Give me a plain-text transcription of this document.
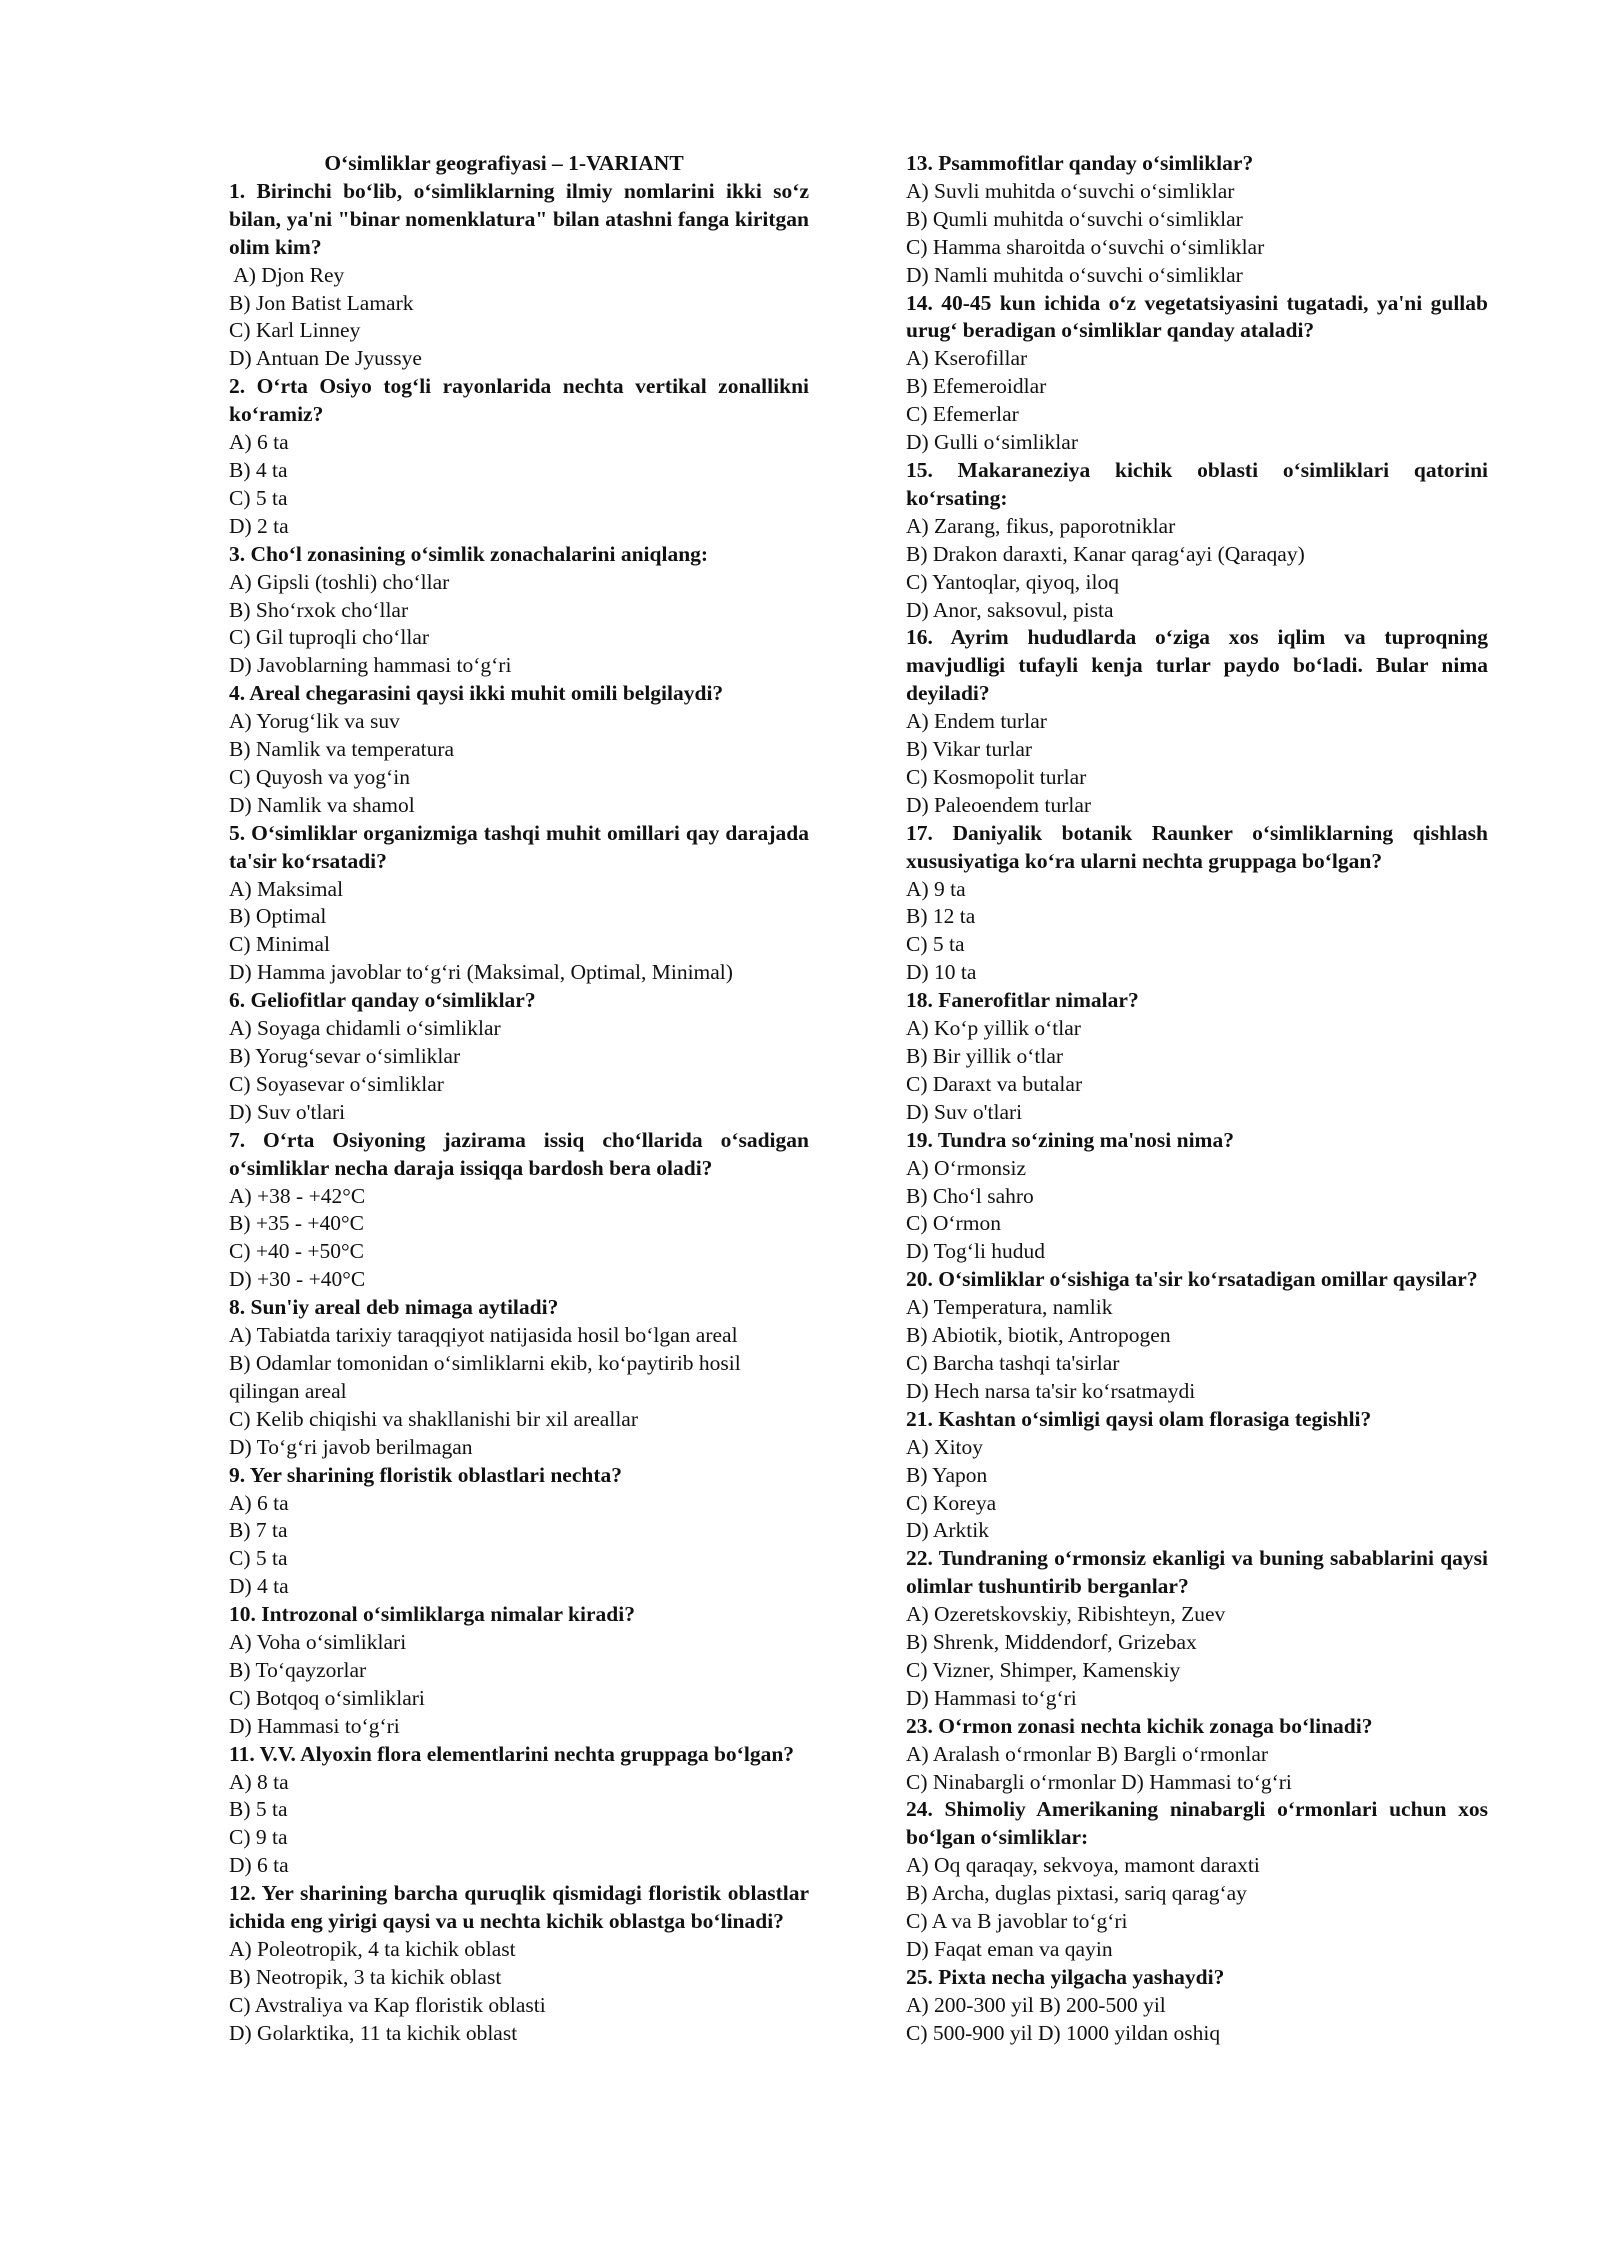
O‘simliklar geografiyasi – 1-VARIANT

1. Birinchi bo‘lib, o‘simliklarning ilmiy nomlarini ikki so‘z bilan, ya'ni "binar nomenklatura" bilan atashni fanga kiritgan olim kim?

A) Djon Rey

B) Jon Batist Lamark

C) Karl Linney

D) Antuan De Jyussye

2. O‘rta Osiyo tog‘li rayonlarida nechta vertikal zonallikni ko‘ramiz?

A) 6 ta

B) 4 ta

C) 5 ta

D) 2 ta

3. Cho‘l zonasining o‘simlik zonachalarini aniqlang:

A) Gipsli (toshli) cho‘llar

B) Sho‘rxok cho‘llar

C) Gil tuproqli cho‘llar

D) Javoblarning hammasi to‘g‘ri

4. Areal chegarasini qaysi ikki muhit omili belgilaydi?

A) Yorug‘lik va suv

B) Namlik va temperatura

C) Quyosh va yog‘in

D) Namlik va shamol

5. O‘simliklar organizmiga tashqi muhit omillari qay darajada ta'sir ko‘rsatadi?

A) Maksimal

B) Optimal

C) Minimal

D) Hamma javoblar to‘g‘ri (Maksimal, Optimal, Minimal)

6. Geliofitlar qanday o‘simliklar?

A) Soyaga chidamli o‘simliklar

B) Yorug‘sevar o‘simliklar

C) Soyasevar o‘simliklar

D) Suv o'tlari

7. O‘rta Osiyoning jazirama issiq cho‘llarida o‘sadigan o‘simliklar necha daraja issiqqa bardosh bera oladi?

A) +38 - +42°C

B) +35 - +40°C

C) +40 - +50°C

D) +30 - +40°C

8. Sun'iy areal deb nimaga aytiladi?

A) Tabiatda tarixiy taraqqiyot natijasida hosil bo‘lgan areal

B) Odamlar tomonidan o‘simliklarni ekib, ko‘paytirib hosil qilingan areal

C) Kelib chiqishi va shakllanishi bir xil areallar

D) To‘g‘ri javob berilmagan

9. Yer sharining floristik oblastlari nechta?

A) 6 ta

B) 7 ta

C) 5 ta

D) 4 ta

10. Introzonal o‘simliklarga nimalar kiradi?

A) Voha o‘simliklari

B) To‘qayzorlar

C) Botqoq o‘simliklari

D) Hammasi to‘g‘ri

11. V.V. Alyoxin flora elementlarini nechta gruppaga bo‘lgan?

A) 8 ta

B) 5 ta

C) 9 ta

D) 6 ta

12. Yer sharining barcha quruqlik qismidagi floristik oblastlar ichida eng yirigi qaysi va u nechta kichik oblastga bo‘linadi?

A) Poleotropik, 4 ta kichik oblast

B) Neotropik, 3 ta kichik oblast

C) Avstraliya va Kap floristik oblasti

D) Golarktika, 11 ta kichik oblast

13. Psammofitlar qanday o‘simliklar?

A) Suvli muhitda o‘suvchi o‘simliklar

B) Qumli muhitda o‘suvchi o‘simliklar

C) Hamma sharoitda o‘suvchi o‘simliklar

D) Namli muhitda o‘suvchi o‘simliklar

14. 40-45 kun ichida o‘z vegetatsiyasini tugatadi, ya'ni gullab urug‘ beradigan o‘simliklar qanday ataladi?

A) Kserofillar

B) Efemeroidlar

C) Efemerlar

D) Gulli o‘simliklar

15. Makaraneziya kichik oblasti o‘simliklari qatorini ko‘rsating:

A) Zarang, fikus, paporotniklar

B) Drakon daraxti, Kanar qarag‘ayi (Qaraqay)

C) Yantoqlar, qiyoq, iloq

D) Anor, saksovul, pista

16. Ayrim hududlarda o‘ziga xos iqlim va tuproqning mavjudligi tufayli kenja turlar paydo bo‘ladi. Bular nima deyiladi?

A) Endem turlar

B) Vikar turlar

C) Kosmopolit turlar

D) Paleoendem turlar

17. Daniyalik botanik Raunker o‘simliklarning qishlash xususiyatiga ko‘ra ularni nechta gruppaga bo‘lgan?

A) 9 ta

B) 12 ta

C) 5 ta

D) 10 ta

18. Fanerofitlar nimalar?

A) Ko‘p yillik o‘tlar

B) Bir yillik o‘tlar

C) Daraxt va butalar

D) Suv o'tlari

19. Tundra so‘zining ma'nosi nima?

A) O‘rmonsiz

B) Cho‘l sahro

C) O‘rmon

D) Tog‘li hudud

20. O‘simliklar o‘sishiga ta'sir ko‘rsatadigan omillar qaysilar?

A) Temperatura, namlik

B) Abiotik, biotik, Antropogen

C) Barcha tashqi ta'sirlar

D) Hech narsa ta'sir ko‘rsatmaydi

21. Kashtan o‘simligi qaysi olam florasiga tegishli?

A) Xitoy

B) Yapon

C) Koreya

D) Arktik

22. Tundraning o‘rmonsiz ekanligi va buning sabablarini qaysi olimlar tushuntirib berganlar?

A) Ozeretskovskiy, Ribishteyn, Zuev

B) Shrenk, Middendorf, Grizebax

C) Vizner, Shimper, Kamenskiy

D) Hammasi to‘g‘ri

23. O‘rmon zonasi nechta kichik zonaga bo‘linadi?

A) Aralash o‘rmonlar B) Bargli o‘rmonlar

C) Ninabargli o‘rmonlar D) Hammasi to‘g‘ri

24. Shimoliy Amerikaning ninabargli o‘rmonlari uchun xos bo‘lgan o‘simliklar:

A) Oq qaraqay, sekvoya, mamont daraxti

B) Archa, duglas pixtasi, sariq qarag‘ay

C) A va B javoblar to‘g‘ri

D) Faqat eman va qayin

25. Pixta necha yilgacha yashaydi?

A) 200-300 yil B) 200-500 yil

C) 500-900 yil D) 1000 yildan oshiq
